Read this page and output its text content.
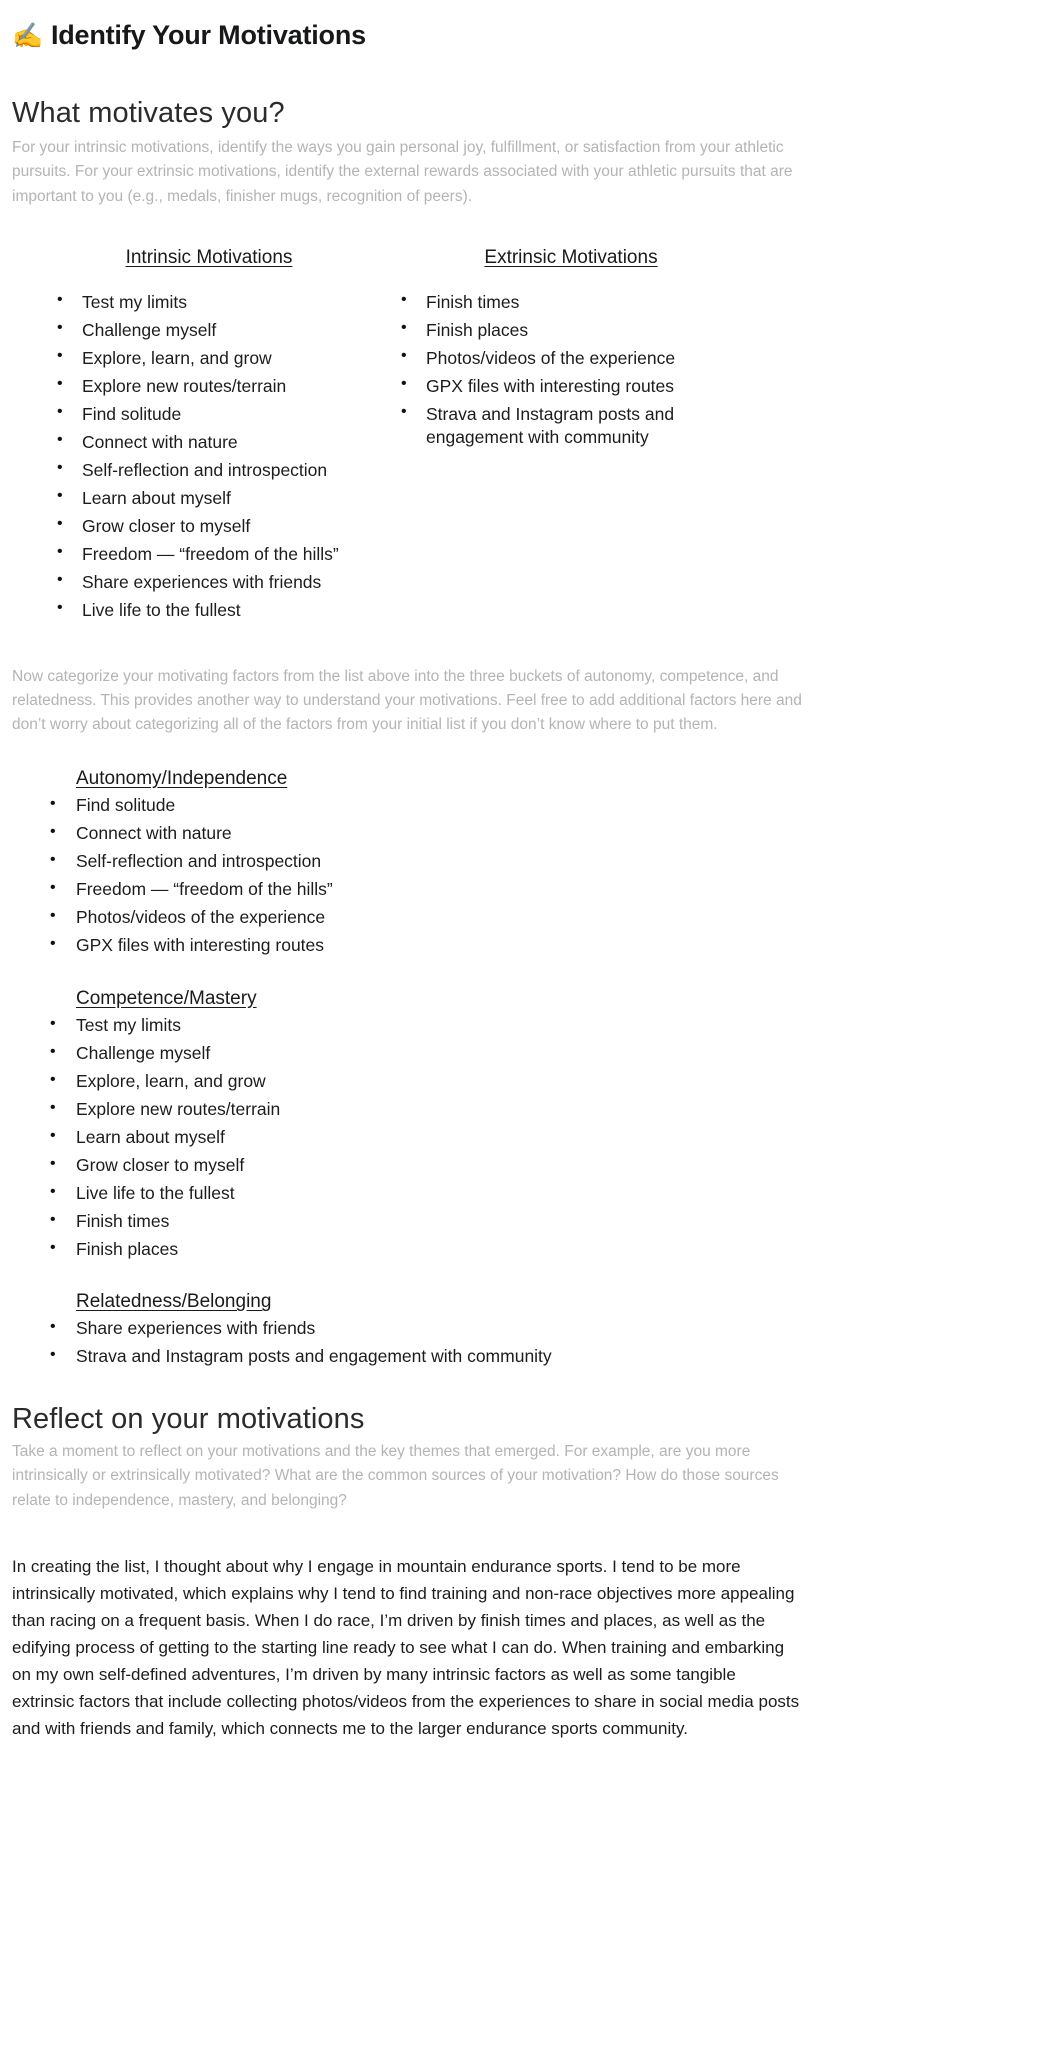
✍️ Identify Your Motivations
What motivates you?

For your intrinsic motivations, identify the ways you gain personal joy, fulfillment, or satisfaction from your athletic pursuits. For your extrinsic motivations, identify the external rewards associated with your athletic pursuits that are important to you (e.g., medals, finisher mugs, recognition of peers).

Intrinsic Motivations
• Test my limits
• Challenge myself
• Explore, learn, and grow
• Explore new routes/terrain
• Find solitude
• Connect with nature
• Self-reflection and introspection
• Learn about myself
• Grow closer to myself
• Freedom — “freedom of the hills”
• Share experiences with friends
• Live life to the fullest
Extrinsic Motivations
• Finish times
• Finish places
• Photos/videos of the experience
• GPX files with interesting routes
• Strava and Instagram posts and engagement with community

Now categorize your motivating factors from the list above into the three buckets of autonomy, competence, and relatedness. This provides another way to understand your motivations. Feel free to add additional factors here and don’t worry about categorizing all of the factors from your initial list if you don’t know where to put them.

Autonomy/Independence
• Find solitude
• Connect with nature
• Self-reflection and introspection
• Freedom — “freedom of the hills”
• Photos/videos of the experience
• GPX files with interesting routes
Competence/Mastery
• Test my limits
• Challenge myself
• Explore, learn, and grow
• Explore new routes/terrain
• Learn about myself
• Grow closer to myself
• Live life to the fullest
• Finish times
• Finish places
Relatedness/Belonging
• Share experiences with friends
• Strava and Instagram posts and engagement with community
Reflect on your motivations

Take a moment to reflect on your motivations and the key themes that emerged. For example, are you more intrinsically or extrinsically motivated? What are the common sources of your motivation? How do those sources relate to independence, mastery, and belonging?

In creating the list, I thought about why I engage in mountain endurance sports. I tend to be more intrinsically motivated, which explains why I tend to find training and non-race objectives more appealing than racing on a frequent basis. When I do race, I’m driven by finish times and places, as well as the edifying process of getting to the starting line ready to see what I can do. When training and embarking on my own self-defined adventures, I’m driven by many intrinsic factors as well as some tangible extrinsic factors that include collecting photos/videos from the experiences to share in social media posts and with friends and family, which connects me to the larger endurance sports community.
